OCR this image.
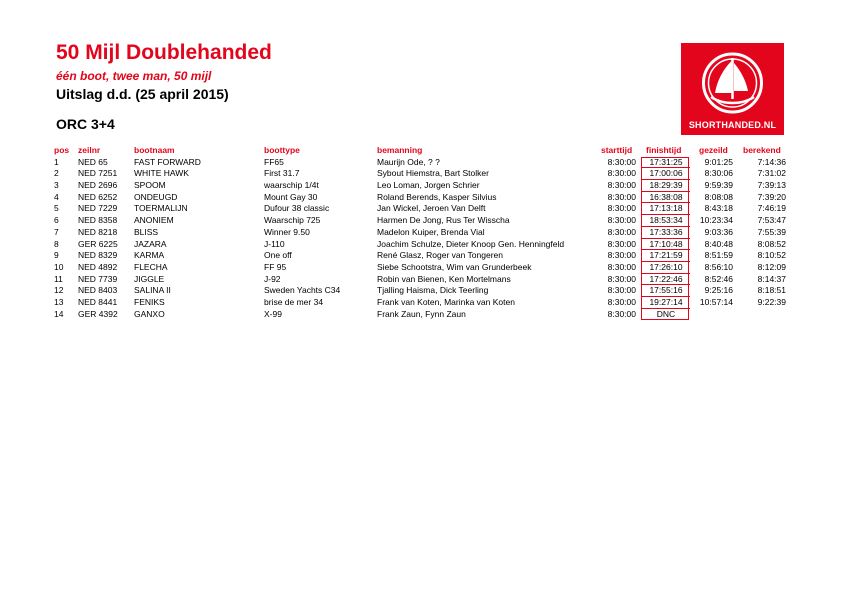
50 Mijl Doublehanded
één boot, twee man, 50 mijl
Uitslag d.d. (25 april 2015)
ORC 3+4	SHORTHANDED.NL
pos zeilnr	bootnaam	boottype	bemanning	starttijd finishtijd gezeild berekend
1 NED 65	FAST FORWARD	FF65	Maurijn Ode, ? ?	8:30:00	17:31:25	9:01:25	7:14:36
2 NED 7251 WHITE HAWK	First 31.7	Sybout Hiemstra, Bart Stolker	8:30:00	17:00:06	8:30:06	7:31:02
3 NED 2696 SPOOM	waarschip 1/4t	Leo Loman, Jorgen Schrier	8:30:00	18:29:39	9:59:39	7:39:13
4 NED 6252 ONDEUGD	Mount Gay 30	Roland Berends, Kasper Silvius	8:30:00	16:38:08	8:08:08	7:39:20
5 NED 7229 TOERMALIJN	Dufour 38 classic	Jan Wickel, Jeroen Van Delft	8:30:00	17:13:18	8:43:18	7:46:19
6 NED 8358 ANONIEM	Waarschip 725	Harmen De Jong, Rus Ter Wisscha	8:30:00	18:53:34	10:23:34	7:53:47
7 NED 8218 BLISS	Winner 9.50	Madelon Kuiper, Brenda Vial	8:30:00	17:33:36	9:03:36	7:55:39
8 GER 6225 JAZARA	J-110	Joachim Schulze, Dieter Knoop Gen. Henningfeld	8:30:00	17:10:48	8:40:48	8:08:52
9 NED 8329 KARMA	One off	René Glasz, Roger van Tongeren	8:30:00	17:21:59	8:51:59	8:10:52
10 NED 4892 FLECHA	FF 95	Siebe Schootstra, Wim van Grunderbeek	8:30:00	17:26:10	8:56:10	8:12:09
11 NED 7739 JIGGLE	J-92	Robin van Bienen, Ken Mortelmans	8:30:00	17:22:46	8:52:46	8:14:37
12 NED 8403 SALINA II	Sweden Yachts C34	Tjalling Haisma, Dick Teerling	8:30:00	17:55:16	9:25:16	8:18:51
13 NED 8441 FENIKS	brise de mer 34	Frank van Koten, Marinka van Koten	8:30:00	19:27:14	10:57:14	9:22:39
14 GER 4392 GANXO	X-99	Frank Zaun, Fynn Zaun	8:30:00	DNC
